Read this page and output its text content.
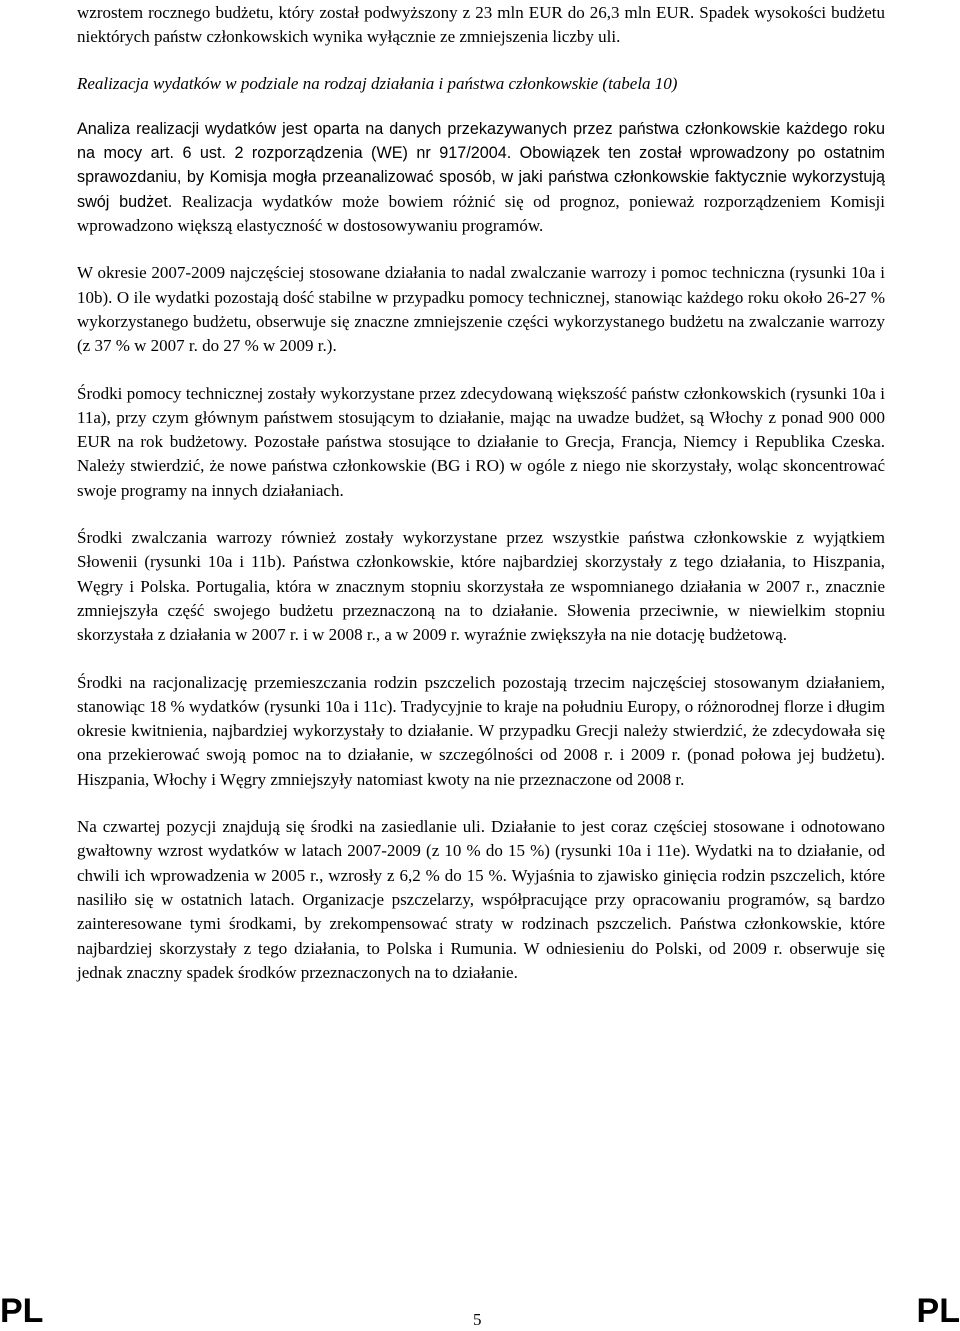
wzrostem rocznego budżetu, który został podwyższony z 23 mln EUR do 26,3 mln EUR. Spadek wysokości budżetu niektórych państw członkowskich wynika wyłącznie ze zmniejszenia liczby uli.

Realizacja wydatków w podziale na rodzaj działania i państwa członkowskie (tabela 10)

Analiza realizacji wydatków jest oparta na danych przekazywanych przez państwa członkowskie każdego roku na mocy art. 6 ust. 2 rozporządzenia (WE) nr 917/2004. Obowiązek ten został wprowadzony po ostatnim sprawozdaniu, by Komisja mogła przeanalizować sposób, w jaki państwa członkowskie faktycznie wykorzystują swój budżet. Realizacja wydatków może bowiem różnić się od prognoz, ponieważ rozporządzeniem Komisji wprowadzono większą elastyczność w dostosowywaniu programów.

W okresie 2007-2009 najczęściej stosowane działania to nadal zwalczanie warrozy i pomoc techniczna (rysunki 10a i 10b). O ile wydatki pozostają dość stabilne w przypadku pomocy technicznej, stanowiąc każdego roku około 26-27 % wykorzystanego budżetu, obserwuje się znaczne zmniejszenie części wykorzystanego budżetu na zwalczanie warrozy (z 37 % w 2007 r. do 27 % w 2009 r.).

Środki pomocy technicznej zostały wykorzystane przez zdecydowaną większość państw członkowskich (rysunki 10a i 11a), przy czym głównym państwem stosującym to działanie, mając na uwadze budżet, są Włochy z ponad 900 000 EUR na rok budżetowy. Pozostałe państwa stosujące to działanie to Grecja, Francja, Niemcy i Republika Czeska. Należy stwierdzić, że nowe państwa członkowskie (BG i RO) w ogóle z niego nie skorzystały, woląc skoncentrować swoje programy na innych działaniach.

Środki zwalczania warrozy również zostały wykorzystane przez wszystkie państwa członkowskie z wyjątkiem Słowenii (rysunki 10a i 11b). Państwa członkowskie, które najbardziej skorzystały z tego działania, to Hiszpania, Węgry i Polska. Portugalia, która w znacznym stopniu skorzystała ze wspomnianego działania w 2007 r., znacznie zmniejszyła część swojego budżetu przeznaczoną na to działanie. Słowenia przeciwnie, w niewielkim stopniu skorzystała z działania w 2007 r. i w 2008 r., a w 2009 r. wyraźnie zwiększyła na nie dotację budżetową.

Środki na racjonalizację przemieszczania rodzin pszczelich pozostają trzecim najczęściej stosowanym działaniem, stanowiąc 18 % wydatków (rysunki 10a i 11c). Tradycyjnie to kraje na południu Europy, o różnorodnej florze i długim okresie kwitnienia, najbardziej wykorzystały to działanie. W przypadku Grecji należy stwierdzić, że zdecydowała się ona przekierować swoją pomoc na to działanie, w szczególności od 2008 r. i 2009 r. (ponad połowa jej budżetu). Hiszpania, Włochy i Węgry zmniejszyły natomiast kwoty na nie przeznaczone od 2008 r.

Na czwartej pozycji znajdują się środki na zasiedlanie uli. Działanie to jest coraz częściej stosowane i odnotowano gwałtowny wzrost wydatków w latach 2007-2009 (z 10 % do 15 %) (rysunki 10a i 11e). Wydatki na to działanie, od chwili ich wprowadzenia w 2005 r., wzrosły z 6,2 % do 15 %. Wyjaśnia to zjawisko ginięcia rodzin pszczelich, które nasiliło się w ostatnich latach. Organizacje pszczelarzy, współpracujące przy opracowaniu programów, są bardzo zainteresowane tymi środkami, by zrekompensować straty w rodzinach pszczelich. Państwa członkowskie, które najbardziej skorzystały z tego działania, to Polska i Rumunia. W odniesieniu do Polski, od 2009 r. obserwuje się jednak znaczny spadek środków przeznaczonych na to działanie.

PL	5	PL
